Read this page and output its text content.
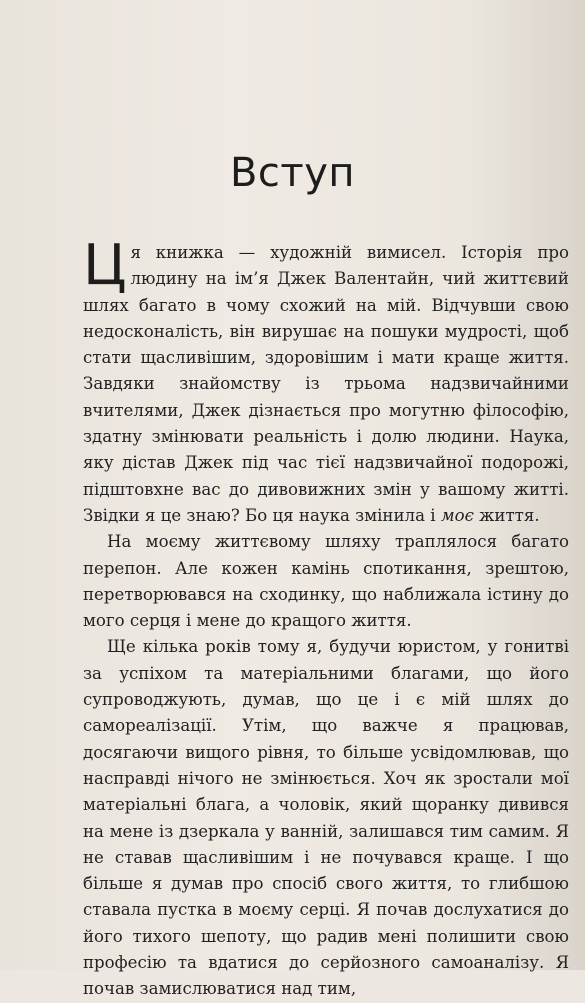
Вступ

Ця книжка — художній вимисел. Історія про людину на ім’я Джек Валентайн, чий життєвий шлях багато в чому схожий на мій. Відчувши свою недосконалість, він вирушає на пошуки мудрості, щоб стати щасливішим, здоровішим і мати краще життя. Завдяки знайомству із трьома надзвичайними вчителями, Джек дізнається про могутню філософію, здатну змінювати реальність і долю людини. Наука, яку дістав Джек під час тієї надзвичайної подорожі, підштовхне вас до дивовижних змін у вашому житті. Звідки я це знаю? Бо ця наука змінила і моє життя.

На моєму життєвому шляху траплялося багато перепон. Але кожен камінь спотикання, зрештою, перетворювався на сходинку, що наближала істину до мого серця і мене до кращого життя.

Ще кілька років тому я, будучи юристом, у гонитві за успіхом та матеріальними благами, що його супроводжують, думав, що це і є мій шлях до самореалізації. Утім, що важче я працював, досягаючи вищого рівня, то більше усвідомлював, що насправді нічого не змінюється. Хоч як зростали мої матеріальні блага, а чоловік, який щоранку дивився на мене із дзеркала у ванній, залишався тим самим. Я не ставав щасливішим і не почувався краще. І що більше я думав про спосіб свого життя, то глибшою ставала пустка в моєму серці. Я почав дослухатися до його тихого шепоту, що радив мені полишити свою професію та вдатися до серйозного самоаналізу. Я почав замислюватися над тим,
